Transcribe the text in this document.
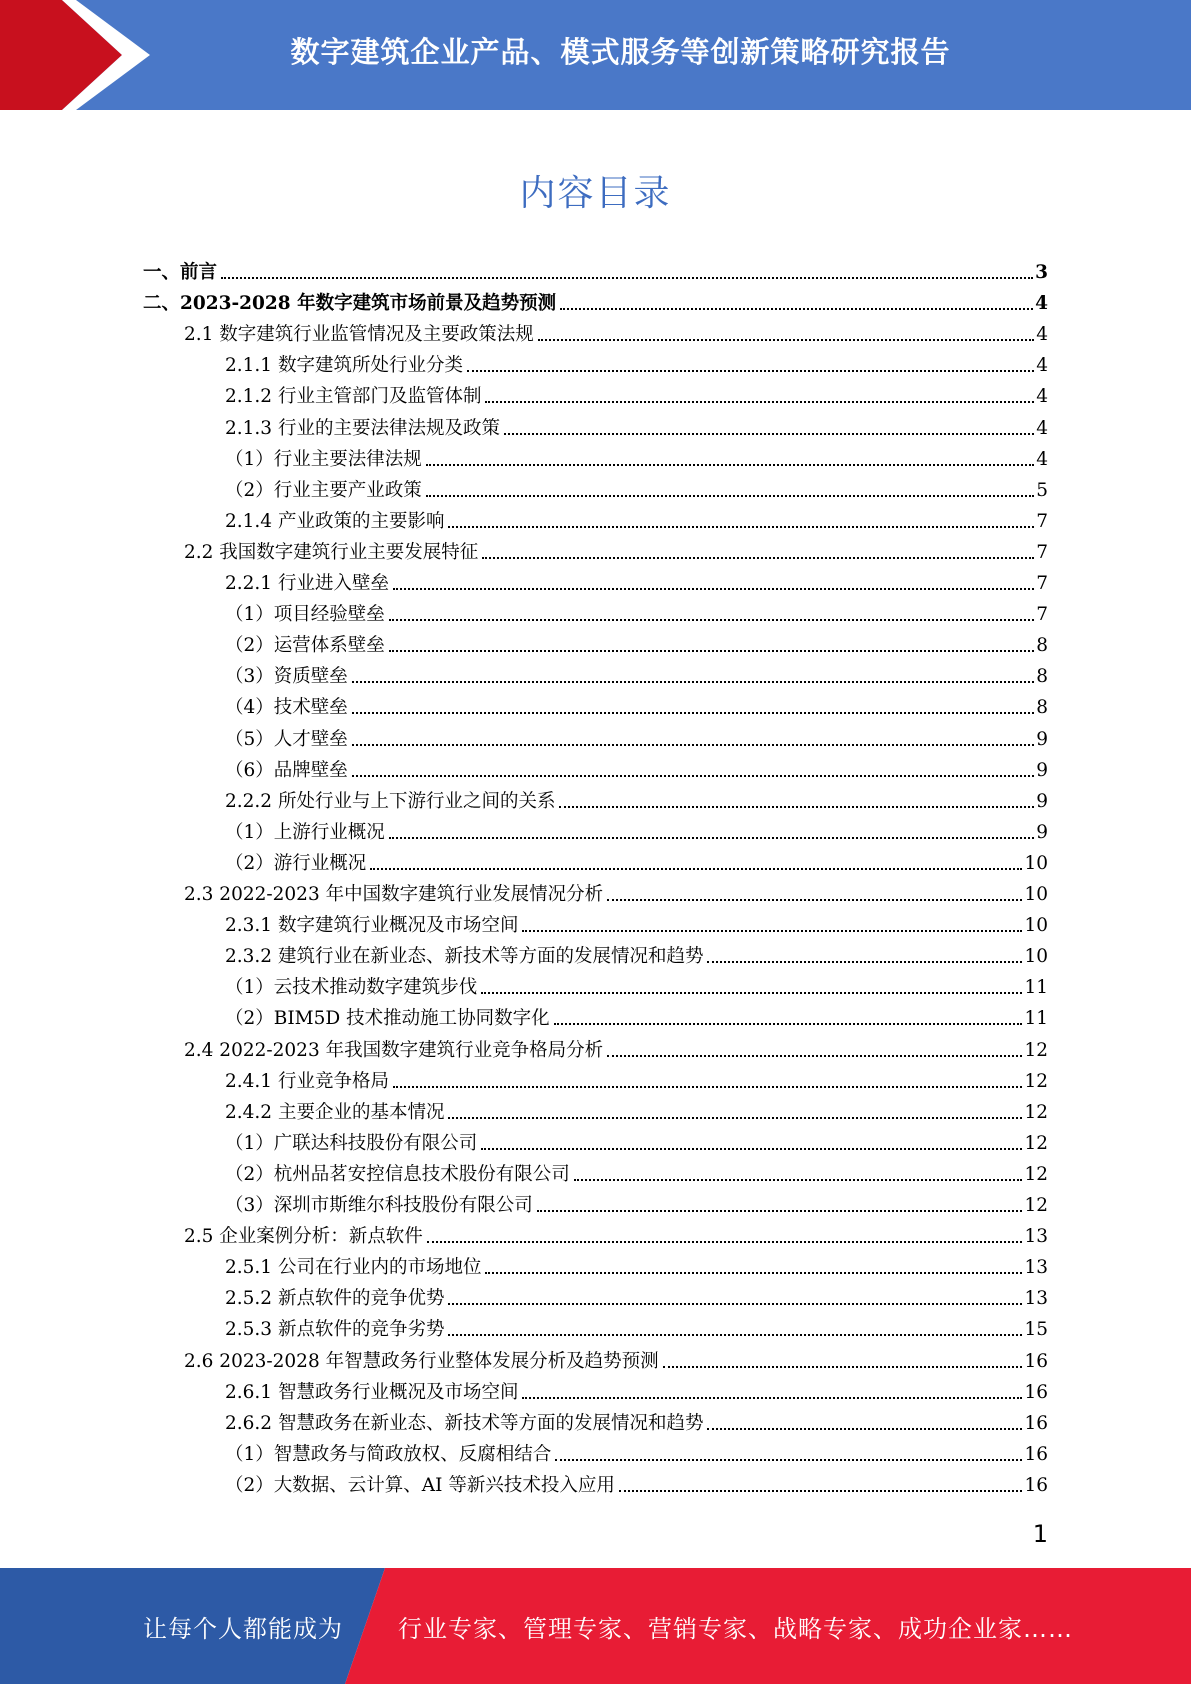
数字建筑企业产品、模式服务等创新策略研究报告
内容目录
一、前言	3
二、2023-2028 年数字建筑市场前景及趋势预测	4
2.1 数字建筑行业监管情况及主要政策法规	4
2.1.1 数字建筑所处行业分类	4
2.1.2 行业主管部门及监管体制	4
2.1.3 行业的主要法律法规及政策	4
（1）行业主要法律法规	4
（2）行业主要产业政策	5
2.1.4 产业政策的主要影响	7
2.2 我国数字建筑行业主要发展特征	7
2.2.1 行业进入壁垒	7
（1）项目经验壁垒	7
（2）运营体系壁垒	8
（3）资质壁垒	8
（4）技术壁垒	8
（5）人才壁垒	9
（6）品牌壁垒	9
2.2.2 所处行业与上下游行业之间的关系	9
（1）上游行业概况	9
（2）游行业概况	10
2.3 2022-2023 年中国数字建筑行业发展情况分析	10
2.3.1 数字建筑行业概况及市场空间	10
2.3.2 建筑行业在新业态、新技术等方面的发展情况和趋势	10
（1）云技术推动数字建筑步伐	11
（2）BIM5D 技术推动施工协同数字化	11
2.4 2022-2023 年我国数字建筑行业竞争格局分析	12
2.4.1 行业竞争格局	12
2.4.2 主要企业的基本情况	12
（1）广联达科技股份有限公司	12
（2）杭州品茗安控信息技术股份有限公司	12
（3）深圳市斯维尔科技股份有限公司	12
2.5 企业案例分析：新点软件	13
2.5.1 公司在行业内的市场地位	13
2.5.2 新点软件的竞争优势	13
2.5.3 新点软件的竞争劣势	15
2.6 2023-2028 年智慧政务行业整体发展分析及趋势预测	16
2.6.1 智慧政务行业概况及市场空间	16
2.6.2 智慧政务在新业态、新技术等方面的发展情况和趋势	16
（1）智慧政务与简政放权、反腐相结合	16
（2）大数据、云计算、AI 等新兴技术投入应用	16
1
让每个人都能成为 行业专家、管理专家、营销专家、战略专家、成功企业家……
